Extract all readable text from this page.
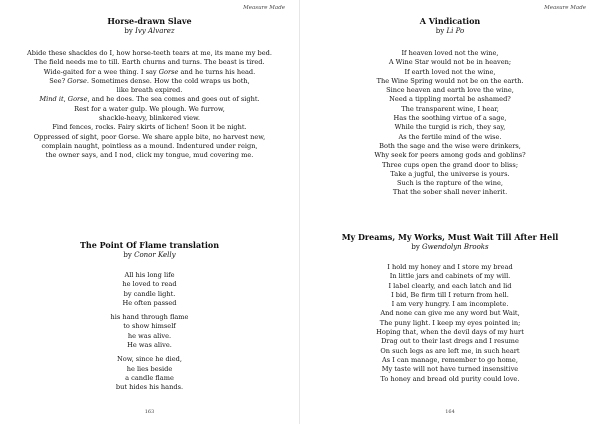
Measure Made
Horse-drawn Slave
by Ivy Alvarez
Abide these shackles do I, how horse-teeth tears at me, its mane my bed.
The field needs me to till. Earth churns and turns. The beast is tired.
Wide-gaited for a wee thing. I say Gorse and he turns his head.
See? Gorse. Sometimes dense. How the cold wraps us both,
like breath expired.
Mind it, Gorse, and he does. The sea comes and goes out of sight.
Rest for a water gulp. We plough. We furrow,
shackle-heavy, blinkered view.
Find fences, rocks. Fairy skirts of lichen! Soon it be night.
Oppressed of sight, poor Gorse. We share apple bite, no harvest new,
complain naught, pointless as a mound. Indentured under reign,
the owner says, and I nod, click my tongue, mud covering me.
The Point Of Flame translation
by Conor Kelly
All his long life
he loved to read
by candle light.
He often passed
his hand through flame
to show himself
he was alive.
He was alive.
Now, since he died,
he lies beside
a candle flame
but hides his hands.
163
Measure Made
A Vindication
by Li Po
If heaven loved not the wine,
A Wine Star would not be in heaven;
If earth loved not the wine,
The Wine Spring would not be on the earth.
Since heaven and earth love the wine,
Need a tippling mortal be ashamed?
The transparent wine, I hear,
Has the soothing virtue of a sage,
While the turgid is rich, they say,
As the fertile mind of the wise.
Both the sage and the wise were drinkers,
Why seek for peers among gods and goblins?
Three cups open the grand door to bliss;
Take a jugful, the universe is yours.
Such is the rapture of the wine,
That the sober shall never inherit.
My Dreams, My Works, Must Wait Till After Hell
by Gwendolyn Brooks
I hold my honey and I store my bread
In little jars and cabinets of my will.
I label clearly, and each latch and lid
I bid, Be firm till I return from hell.
I am very hungry. I am incomplete.
And none can give me any word but Wait,
The puny light. I keep my eyes pointed in;
Hoping that, when the devil days of my hurt
Drag out to their last dregs and I resume
On such legs as are left me, in such heart
As I can manage, remember to go home,
My taste will not have turned insensitive
To honey and bread old purity could love.
164
